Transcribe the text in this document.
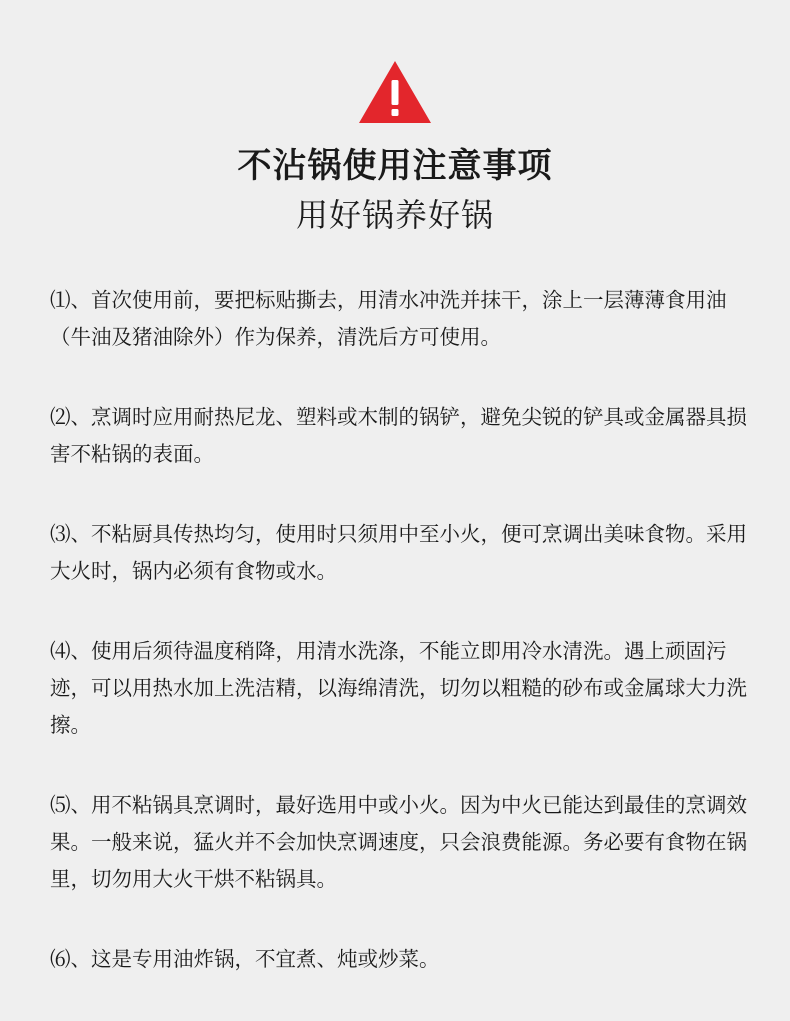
不沾锅使用注意事项
用好锅养好锅
⑴、首次使用前，要把标贴撕去，用清水冲洗并抹干，涂上一层薄薄食用油（牛油及猪油除外）作为保养，清洗后方可使用。
⑵、烹调时应用耐热尼龙、塑料或木制的锅铲，避免尖锐的铲具或金属器具损害不粘锅的表面。
⑶、不粘厨具传热均匀，使用时只须用中至小火，便可烹调出美味食物。采用大火时，锅内必须有食物或水。
⑷、使用后须待温度稍降，用清水洗涤，不能立即用冷水清洗。遇上顽固污迹，可以用热水加上洗洁精，以海绵清洗，切勿以粗糙的砂布或金属球大力洗擦。
⑸、用不粘锅具烹调时，最好选用中或小火。因为中火已能达到最佳的烹调效果。一般来说，猛火并不会加快烹调速度，只会浪费能源。务必要有食物在锅里，切勿用大火干烘不粘锅具。
⑹、这是专用油炸锅，不宜煮、炖或炒菜。
